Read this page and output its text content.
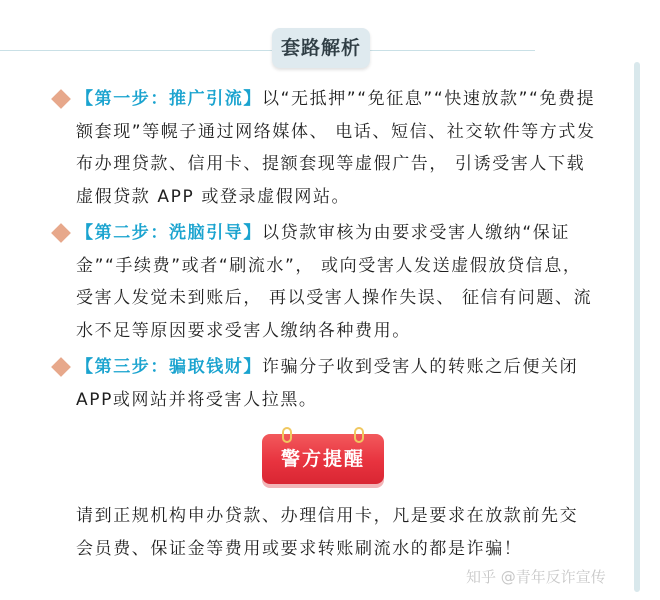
套路解析
【第一步：推广引流】以“无抵押”“免征息”“快速放款”“免费提额套现”等幌子通过网络媒体、 电话、短信、社交软件等方式发布办理贷款、信用卡、提额套现等虚假广告， 引诱受害人下载虚假贷款 APP 或登录虚假网站。
【第二步：洗脑引导】以贷款审核为由要求受害人缴纳“保证金”“手续费”或者“刷流水”， 或向受害人发送虚假放贷信息， 受害人发觉未到账后， 再以受害人操作失误、 征信有问题、流水不足等原因要求受害人缴纳各种费用。
【第三步：骗取钱财】诈骗分子收到受害人的转账之后便关闭APP或网站并将受害人拉黑。
警方提醒
请到正规机构申办贷款、办理信用卡，凡是要求在放款前先交会员费、保证金等费用或要求转账刷流水的都是诈骗！
知乎 @青年反诈宣传
